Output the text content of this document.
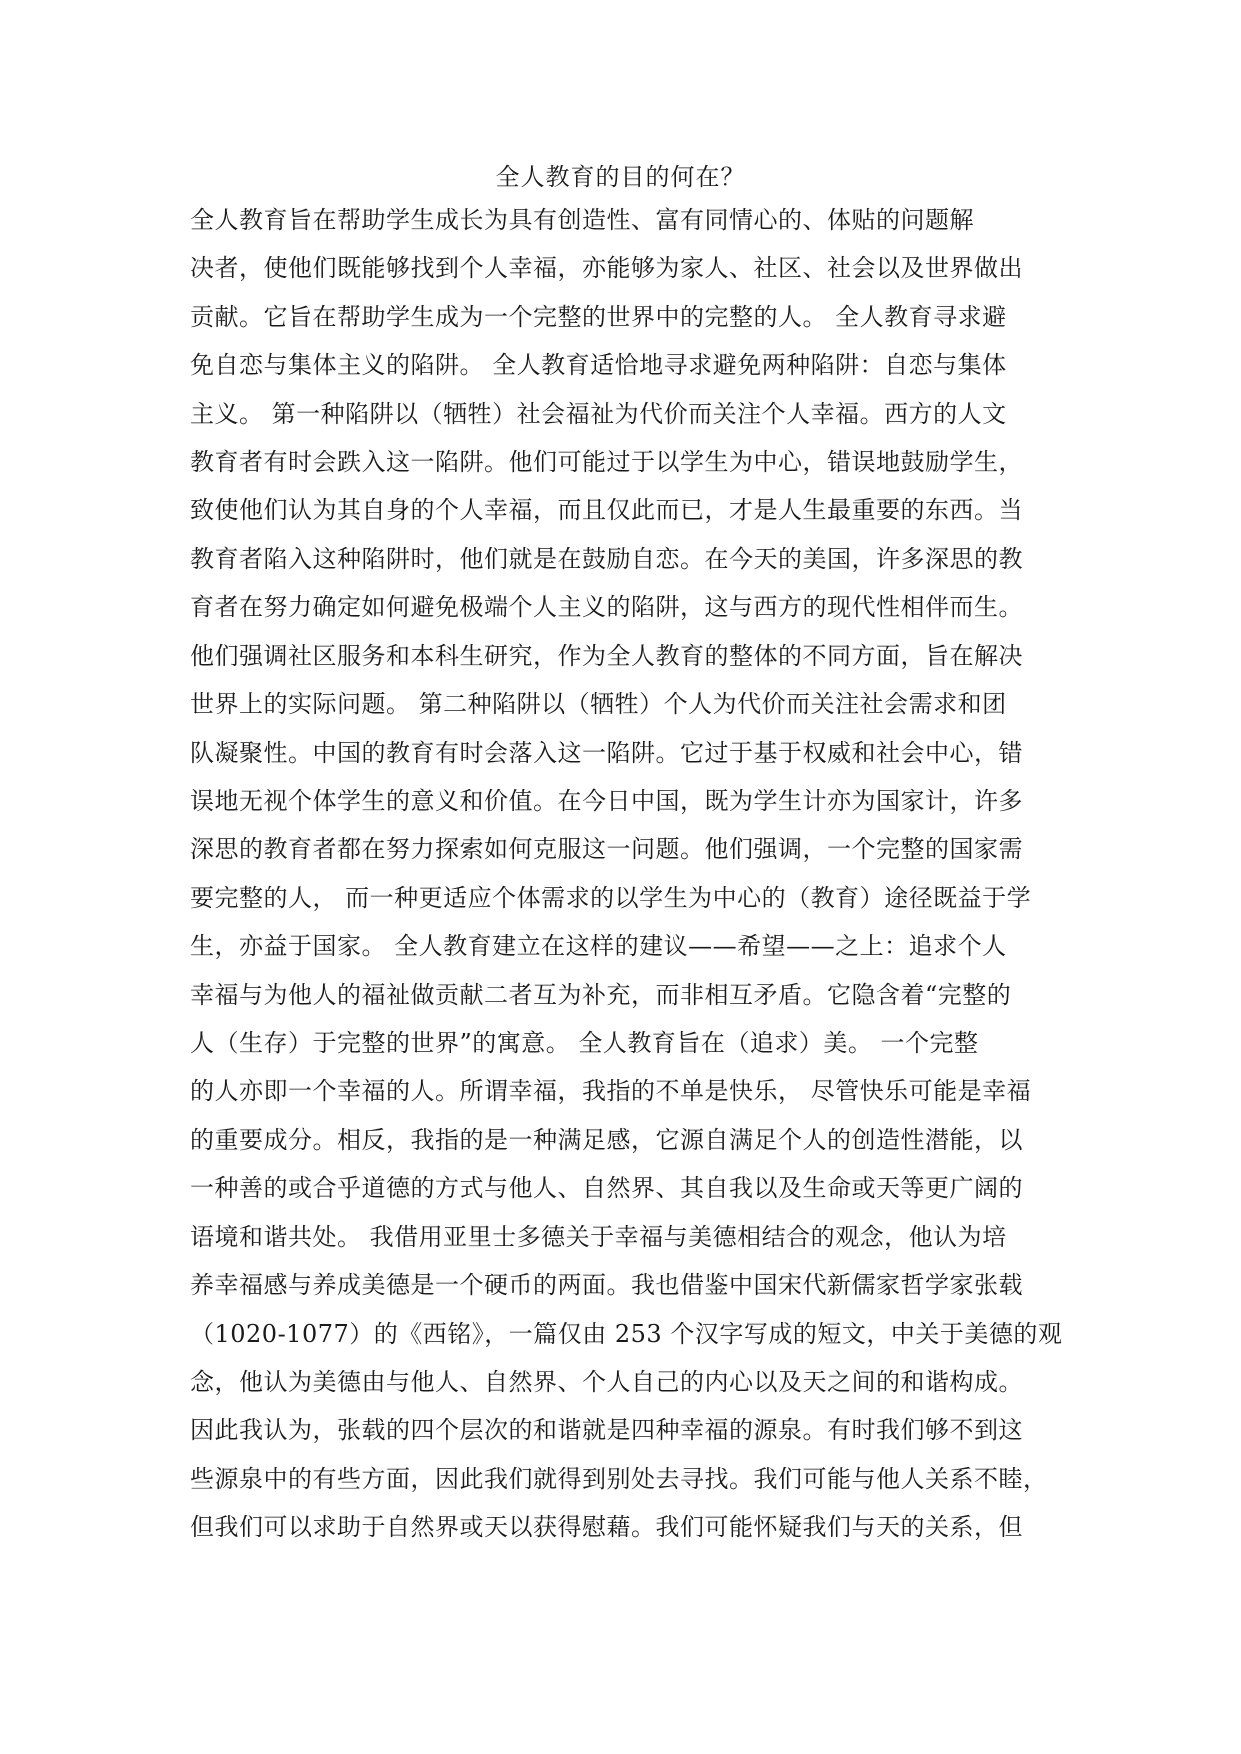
全人教育的目的何在？
全人教育旨在帮助学生成长为具有创造性、富有同情心的、体贴的问题解
决者，使他们既能够找到个人幸福，亦能够为家人、社区、社会以及世界做出
贡献。它旨在帮助学生成为一个完整的世界中的完整的人。 全人教育寻求避
免自恋与集体主义的陷阱。 全人教育适恰地寻求避免两种陷阱：自恋与集体
主义。 第一种陷阱以（牺牲）社会福祉为代价而关注个人幸福。西方的人文
教育者有时会跌入这一陷阱。他们可能过于以学生为中心，错误地鼓励学生，
致使他们认为其自身的个人幸福，而且仅此而已，才是人生最重要的东西。当
教育者陷入这种陷阱时，他们就是在鼓励自恋。在今天的美国，许多深思的教
育者在努力确定如何避免极端个人主义的陷阱，这与西方的现代性相伴而生。
他们强调社区服务和本科生研究，作为全人教育的整体的不同方面，旨在解决
世界上的实际问题。 第二种陷阱以（牺牲）个人为代价而关注社会需求和团
队凝聚性。中国的教育有时会落入这一陷阱。它过于基于权威和社会中心，错
误地无视个体学生的意义和价值。在今日中国，既为学生计亦为国家计，许多
深思的教育者都在努力探索如何克服这一问题。他们强调，一个完整的国家需
要完整的人， 而一种更适应个体需求的以学生为中心的（教育）途径既益于学
生，亦益于国家。 全人教育建立在这样的建议——希望——之上：追求个人
幸福与为他人的福祉做贡献二者互为补充，而非相互矛盾。它隐含着“完整的
人（生存）于完整的世界”的寓意。 全人教育旨在（追求）美。 一个完整
的人亦即一个幸福的人。所谓幸福，我指的不单是快乐， 尽管快乐可能是幸福
的重要成分。相反，我指的是一种满足感，它源自满足个人的创造性潜能，以
一种善的或合乎道德的方式与他人、自然界、其自我以及生命或天等更广阔的
语境和谐共处。 我借用亚里士多德关于幸福与美德相结合的观念，他认为培
养幸福感与养成美德是一个硬币的两面。我也借鉴中国宋代新儒家哲学家张载
（1020-1077）的《西铭》，一篇仅由 253 个汉字写成的短文，中关于美德的观
念，他认为美德由与他人、自然界、个人自己的内心以及天之间的和谐构成。
因此我认为，张载的四个层次的和谐就是四种幸福的源泉。有时我们够不到这
些源泉中的有些方面，因此我们就得到别处去寻找。我们可能与他人关系不睦，
但我们可以求助于自然界或天以获得慰藉。我们可能怀疑我们与天的关系，但
